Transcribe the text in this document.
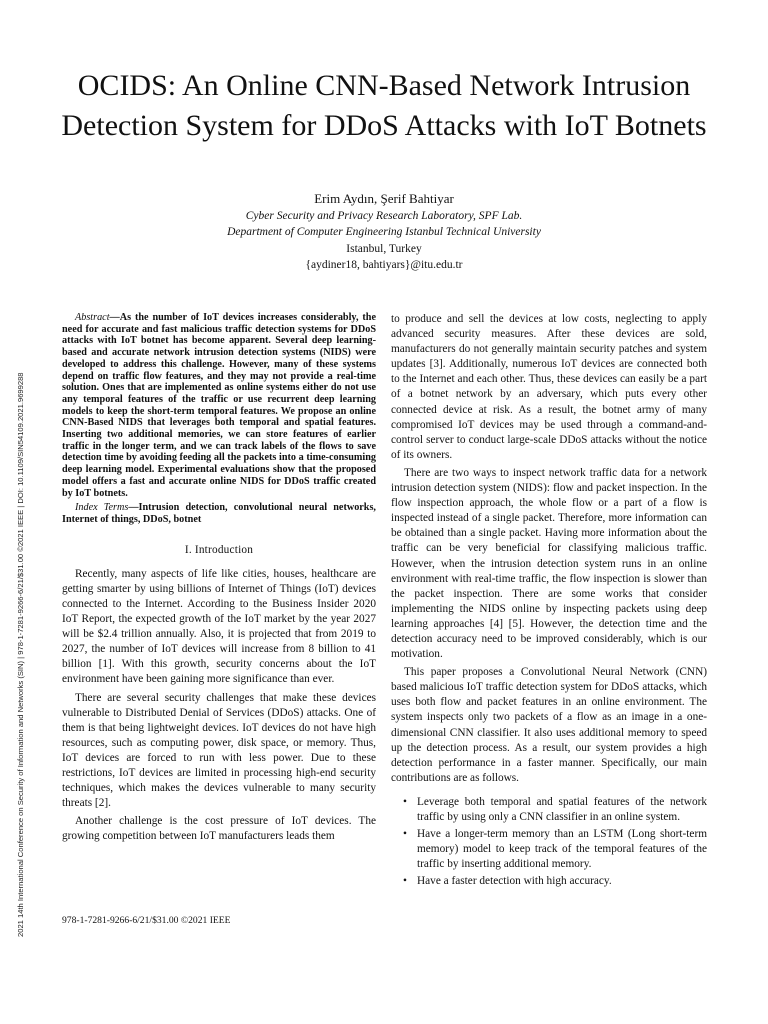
OCIDS: An Online CNN-Based Network Intrusion Detection System for DDoS Attacks with IoT Botnets
Erim Aydın, Şerif Bahtiyar
Cyber Security and Privacy Research Laboratory, SPF Lab.
Department of Computer Engineering Istanbul Technical University
Istanbul, Turkey
{aydiner18, bahtiyars}@itu.edu.tr
2021 14th International Conference on Security of Information and Networks (SIN) | 978-1-7281-9266-6/21/$31.00 ©2021 IEEE | DOI: 10.1109/SIN54109.2021.9699288

Abstract—As the number of IoT devices increases considerably, the need for accurate and fast malicious traffic detection systems for DDoS attacks with IoT botnet has become apparent. Several deep learning-based and accurate network intrusion detection systems (NIDS) were developed to address this challenge. However, many of these systems depend on traffic flow features, and they may not provide a real-time solution. Ones that are implemented as online systems either do not use any temporal features of the traffic or use recurrent deep learning models to keep the short-term temporal features. We propose an online CNN-Based NIDS that leverages both temporal and spatial features. Inserting two additional memories, we can store features of earlier traffic in the longer term, and we can track labels of the flows to save detection time by avoiding feeding all the packets into a time-consuming deep learning model. Experimental evaluations show that the proposed model offers a fast and accurate online NIDS for DDoS traffic created by IoT botnets.

Index Terms—Intrusion detection, convolutional neural networks, Internet of things, DDoS, botnet

I. Introduction

Recently, many aspects of life like cities, houses, healthcare are getting smarter by using billions of Internet of Things (IoT) devices connected to the Internet. According to the Business Insider 2020 IoT Report, the expected growth of the IoT market by the year 2027 will be $2.4 trillion annually. Also, it is projected that from 2019 to 2027, the number of IoT devices will increase from 8 billion to 41 billion [1]. With this growth, security concerns about the IoT environment have been gaining more significance than ever.

There are several security challenges that make these devices vulnerable to Distributed Denial of Services (DDoS) attacks. One of them is that being lightweight devices. IoT devices do not have high resources, such as computing power, disk space, or memory. Thus, IoT devices are forced to run with less power. Due to these restrictions, IoT devices are limited in processing high-end security techniques, which makes the devices vulnerable to many security threats [2].

Another challenge is the cost pressure of IoT devices. The growing competition between IoT manufacturers leads them

to produce and sell the devices at low costs, neglecting to apply advanced security measures. After these devices are sold, manufacturers do not generally maintain security patches and system updates [3]. Additionally, numerous IoT devices are connected both to the Internet and each other. Thus, these devices can easily be a part of a botnet network by an adversary, which puts every other connected device at risk. As a result, the botnet army of many compromised IoT devices may be used through a command-and-control server to conduct large-scale DDoS attacks without the notice of its owners.

There are two ways to inspect network traffic data for a network intrusion detection system (NIDS): flow and packet inspection. In the flow inspection approach, the whole flow or a part of a flow is inspected instead of a single packet. Therefore, more information can be obtained than a single packet. Having more information about the traffic can be very beneficial for classifying malicious traffic. However, when the intrusion detection system runs in an online environment with real-time traffic, the flow inspection is slower than the packet inspection. There are some works that consider implementing the NIDS online by inspecting packets using deep learning approaches [4] [5]. However, the detection time and the detection accuracy need to be improved considerably, which is our motivation.

This paper proposes a Convolutional Neural Network (CNN) based malicious IoT traffic detection system for DDoS attacks, which uses both flow and packet features in an online environment. The system inspects only two packets of a flow as an image in a one-dimensional CNN classifier. It also uses additional memory to speed up the detection process. As a result, our system provides a high detection performance in a faster manner. Specifically, our main contributions are as follows.

• Leverage both temporal and spatial features of the network traffic by using only a CNN classifier in an online system.
• Have a longer-term memory than an LSTM (Long short-term memory) model to keep track of the temporal features of the traffic by inserting additional memory.
• Have a faster detection with high accuracy.
978-1-7281-9266-6/21/$31.00 ©2021 IEEE
